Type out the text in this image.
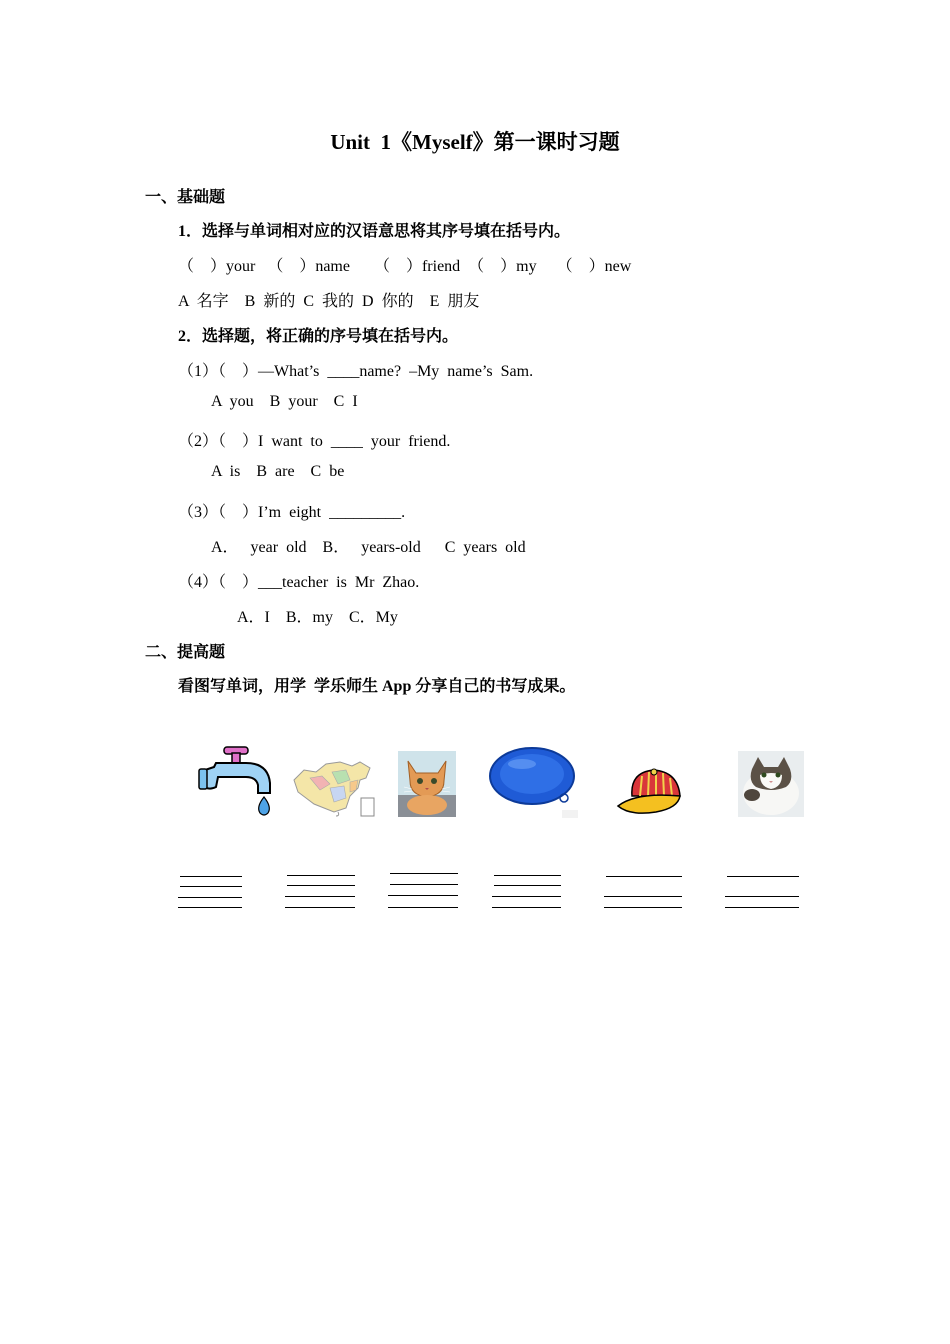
Unit  1《Myself》第一课时习题
一、基础题
1．选择与单词相对应的汉语意思将其序号填在括号内。
（    ）your   （    ）name      （    ）friend  （    ）my     （    ）new
A  名字    B  新的  C  我的  D  你的    E  朋友
2．选择题，将正确的序号填在括号内。
（1）（    ）—What’s  ____name?  –My  name’s  Sam.
A  you    B  your    C  I
（2）（    ）I  want  to  ____  your  friend.
A  is    B  are    C  be
（3）（    ）I’m  eight  _________.
A．   year  old    B．   years-old      C  years  old
（4）（    ）___teacher  is  Mr  Zhao.
A．I    B．my    C．My
二、提高题
看图写单词，用学  学乐师生 App 分享自己的书写成果。
